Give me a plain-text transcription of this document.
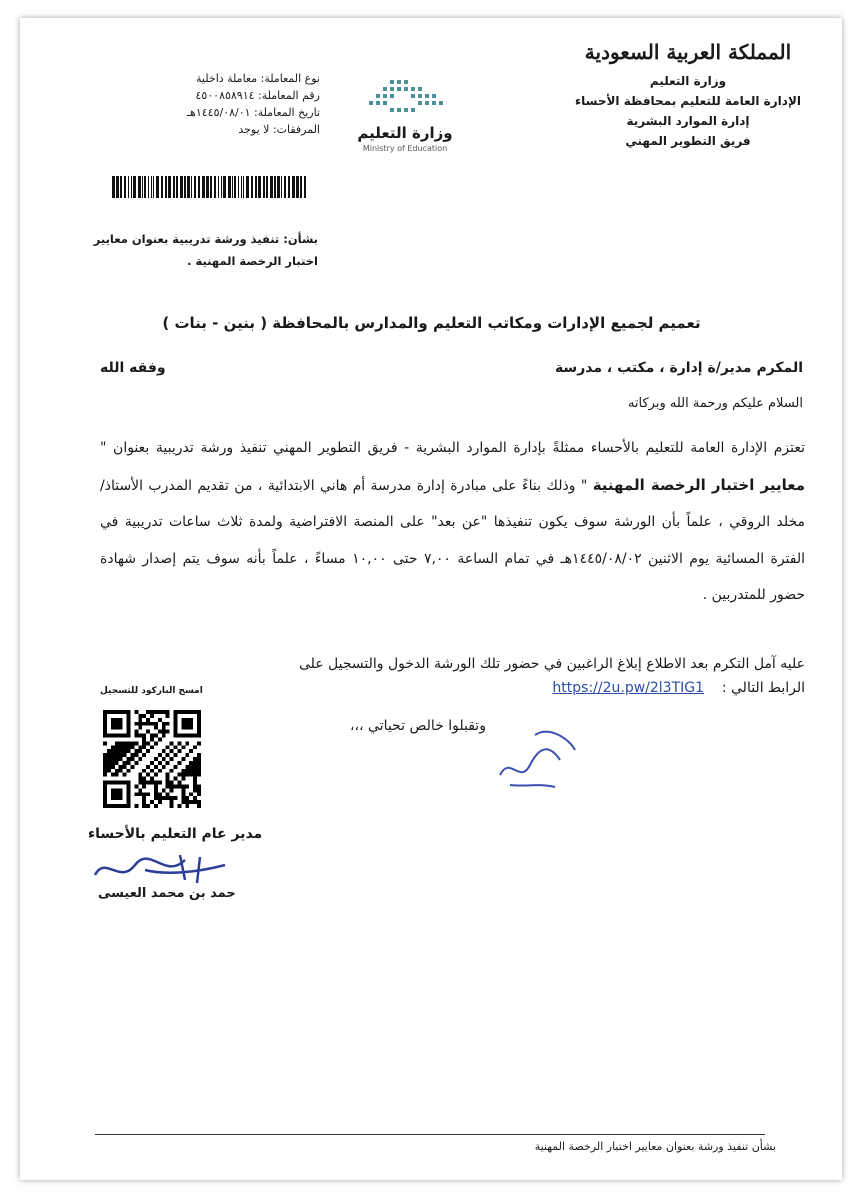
المملكة العربية السعودية
وزارة التعليم
الإدارة العامة للتعليم بمحافظة الأحساء
إدارة الموارد البشرية
فريق التطوير المهني
وزارة التعليم
Ministry of Education
نوع المعاملة: معاملة داخلية
رقم المعاملة: ٤٥٠٠٨٥٨٩١٤
تاريخ المعاملة: ١٤٤٥/٠٨/٠١هـ
المرفقات: لا يوجد
بشأن: تنفيذ ورشة تدريبية بعنوان معايير
اختبار الرخصة المهنية .
تعميم لجميع الإدارات ومكاتب التعليم والمدارس بالمحافظة ( بنين - بنات )
المكرم مدير/ة إدارة ، مكتب ، مدرسة
وفقه الله
السلام عليكم ورحمة الله وبركاته
تعتزم الإدارة العامة للتعليم بالأحساء ممثلةً بإدارة الموارد البشرية - فريق التطوير المهني تنفيذ ورشة تدريبية بعنوان " معايير اختبار الرخصة المهنية " وذلك بناءً على مبادرة إدارة مدرسة أم هاني الابتدائية ، من تقديم المدرب الأستاذ/ مخلد الروقي ، علماً بأن الورشة سوف يكون تنفيذها "عن بعد" على المنصة الافتراضية ولمدة ثلاث ساعات تدريبية في الفترة المسائية يوم الاثنين ١٤٤٥/٠٨/٠٢هـ في تمام الساعة ٧,٠٠ حتى ١٠,٠٠ مساءً ، علماً بأنه سوف يتم إصدار شهادة حضور للمتدربين .
عليه آمل التكرم بعد الاطلاع إبلاغ الراغبين في حضور تلك الورشة الدخول والتسجيل على
الرابط التالي :    https://2u.pw/2l3TIG1
وتقبلوا خالص تحياتي ،،،
امسح الباركود للتسجيل
مدير عام التعليم بالأحساء
حمد بن محمد العيسى
بشأن تنفيذ ورشة بعنوان معايير اختبار الرخصة المهنية
